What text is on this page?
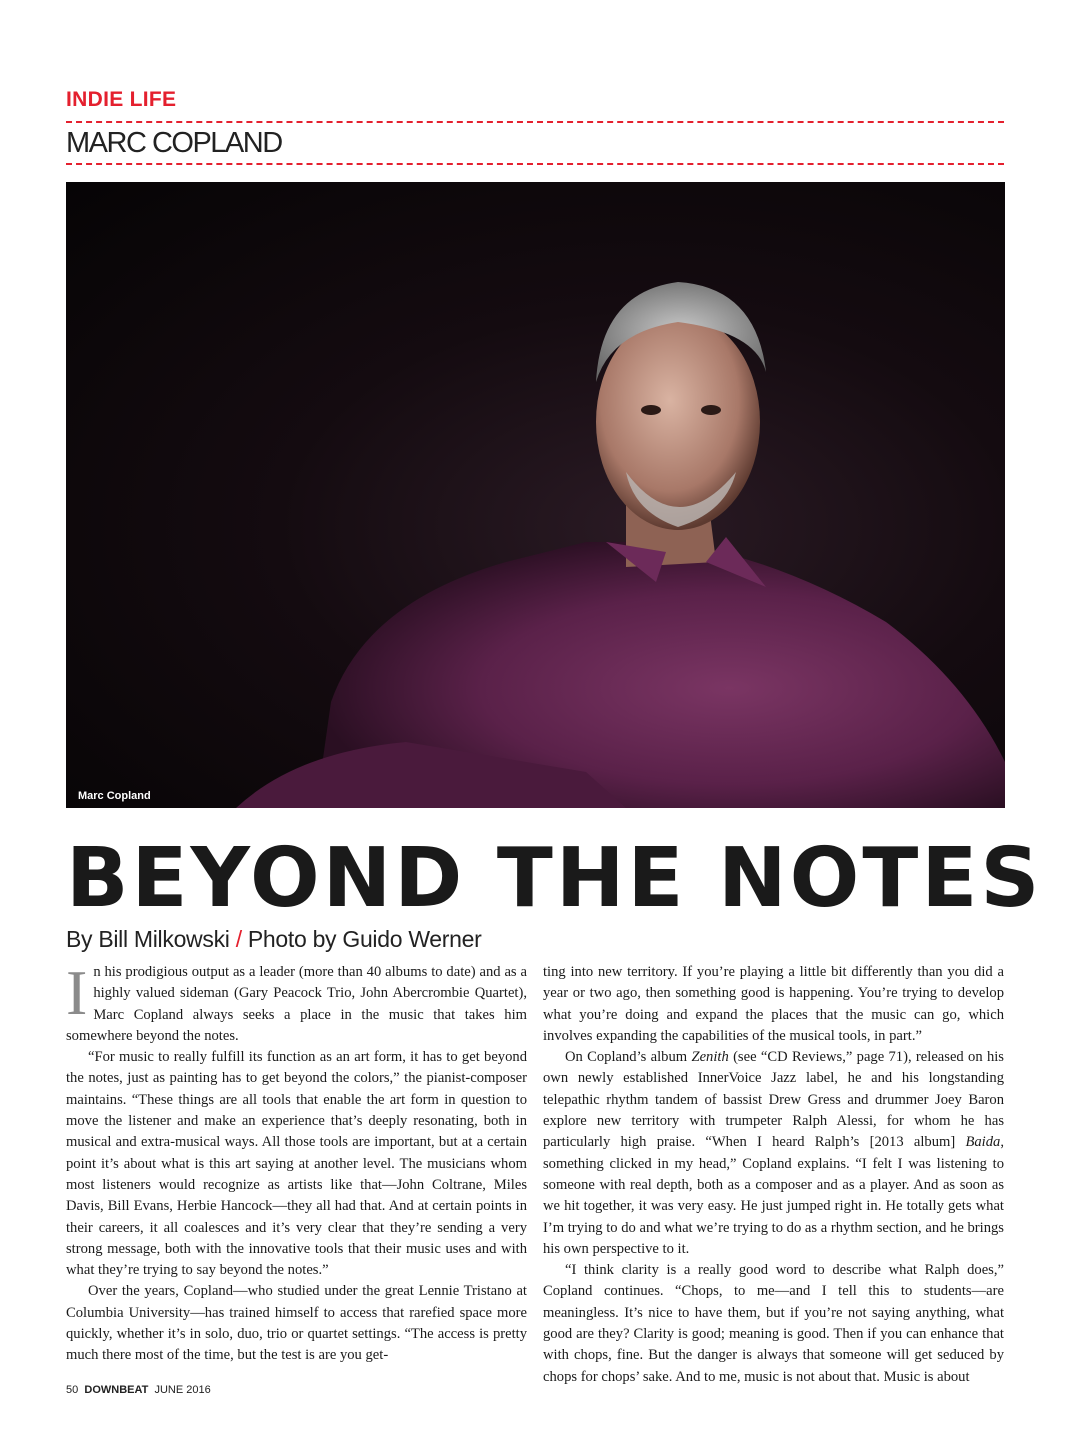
INDIE LIFE
MARC COPLAND
Marc Copland
BEYOND THE NOTES

By Bill Milkowski / Photo by Guido Werner

In his prodigious output as a leader (more than 40 albums to date) and as a highly valued sideman (Gary Peacock Trio, John Abercrombie Quartet), Marc Copland always seeks a place in the music that takes him somewhere beyond the notes.

“For music to really fulfill its function as an art form, it has to get beyond the notes, just as painting has to get beyond the colors,” the pianist-composer maintains. “These things are all tools that enable the art form in question to move the listener and make an experience that’s deeply resonating, both in musical and extra-musical ways. All those tools are important, but at a certain point it’s about what is this art saying at another level. The musicians whom most listeners would recognize as artists like that—John Coltrane, Miles Davis, Bill Evans, Herbie Hancock—they all had that. And at certain points in their careers, it all coalesces and it’s very clear that they’re sending a very strong message, both with the innovative tools that their music uses and with what they’re trying to say beyond the notes.”

Over the years, Copland—who studied under the great Lennie Tristano at Columbia University—has trained himself to access that rarefied space more quickly, whether it’s in solo, duo, trio or quartet settings. “The access is pretty much there most of the time, but the test is are you get-

ting into new territory. If you’re playing a little bit differently than you did a year or two ago, then something good is happening. You’re trying to develop what you’re doing and expand the places that the music can go, which involves expanding the capabilities of the musical tools, in part.”

On Copland’s album Zenith (see “CD Reviews,” page 71), released on his own newly established InnerVoice Jazz label, he and his longstanding telepathic rhythm tandem of bassist Drew Gress and drummer Joey Baron explore new territory with trumpeter Ralph Alessi, for whom he has particularly high praise. “When I heard Ralph’s [2013 album] Baida, something clicked in my head,” Copland explains. “I felt I was listening to someone with real depth, both as a composer and as a player. And as soon as we hit together, it was very easy. He just jumped right in. He totally gets what I’m trying to do and what we’re trying to do as a rhythm section, and he brings his own perspective to it.

“I think clarity is a really good word to describe what Ralph does,” Copland continues. “Chops, to me—and I tell this to students—are meaningless. It’s nice to have them, but if you’re not saying anything, what good are they? Clarity is good; meaning is good. Then if you can enhance that with chops, fine. But the danger is always that someone will get seduced by chops for chops’ sake. And to me, music is not about that. Music is about

50 DOWNBEAT JUNE 2016
